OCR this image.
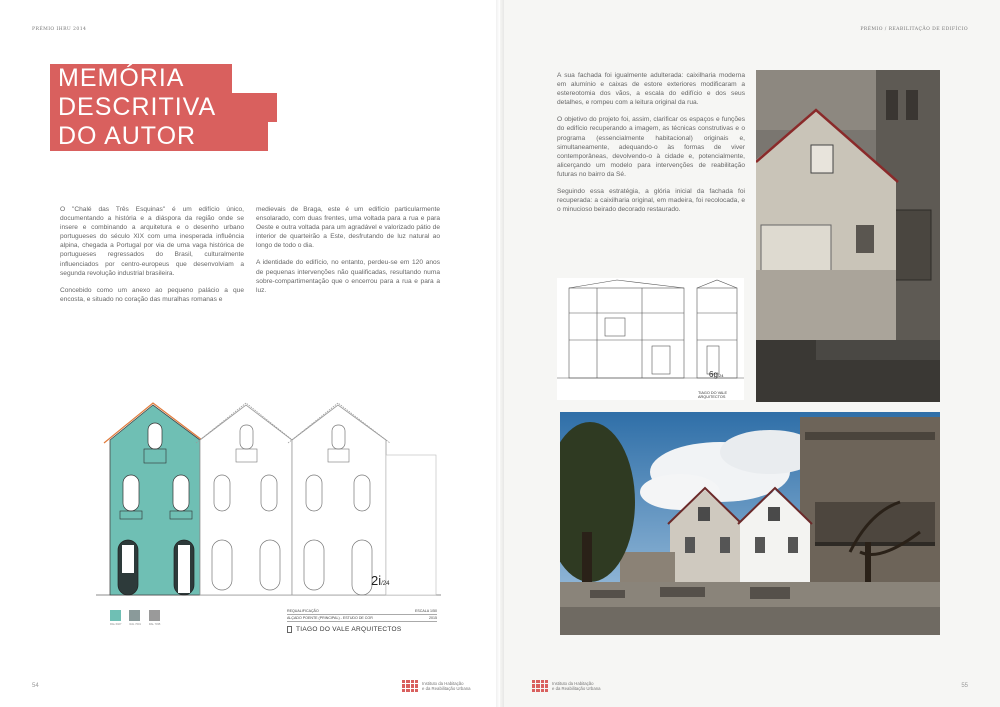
PRÉMIO IHRU 2014
MEMÓRIA
DESCRITIVA
DO AUTOR

O "Chalé das Três Esquinas" é um edifício único, documentando a história e a diáspora da região onde se insere e combinando a arquitetura e o desenho urbano portugueses do século XIX com uma inesperada influência alpina, chegada a Portugal por via de uma vaga histórica de portugueses regressados do Brasil, culturalmente influenciados por centro-europeus que desenvolviam a segunda revolução industrial brasileira.

Concebido como um anexo ao pequeno palácio a que encosta, e situado no coração das muralhas romanas e

medievais de Braga, este é um edifício particularmente ensolarado, com duas frentes, uma voltada para a rua e para Oeste e outra voltada para um agradável e valorizado pátio de interior de quarteirão a Este, desfrutando de luz natural ao longo de todo o dia.

A identidade do edifício, no entanto, perdeu-se em 120 anos de pequenas intervenções não qualificadas, resultando numa sobre-compartimentação que o encerrou para a rua e para a luz.

2i/24
RAL 6027	RAL 7001	RAL 7035
REQUALIFICAÇÃO	ESCALA 1/50
ALÇADO POENTE (PRINCIPAL) - ESTUDO DE COR	2015
TIAGO DO VALE ARQUITECTOS
54	Instituto da Habitação
e da Reabilitação Urbana
PRÉMIO / REABILITAÇÃO DE EDIFÍCIO

A sua fachada foi igualmente adulterada: caixilharia moderna em alumínio e caixas de estore exteriores modificaram a estereotomia dos vãos, a escala do edifício e dos seus detalhes, e rompeu com a leitura original da rua.

O objetivo do projeto foi, assim, clarificar os espaços e funções do edifício recuperando a imagem, as técnicas construtivas e o programa (essencialmente habitacional) originais e, simultaneamente, adequando-o às formas de viver contemporâneas, devolvendo-o à cidade e, potencialmente, alicerçando um modelo para intervenções de reabilitação futuras no bairro da Sé.

Seguindo essa estratégia, a glória inicial da fachada foi recuperada: a caixilharia original, em madeira, foi recolocada, e o minucioso beirado decorado restaurado.

6g/24
TIAGO DO VALE ARQUITECTOS
Instituto da Habitação
e da Reabilitação Urbana	55
